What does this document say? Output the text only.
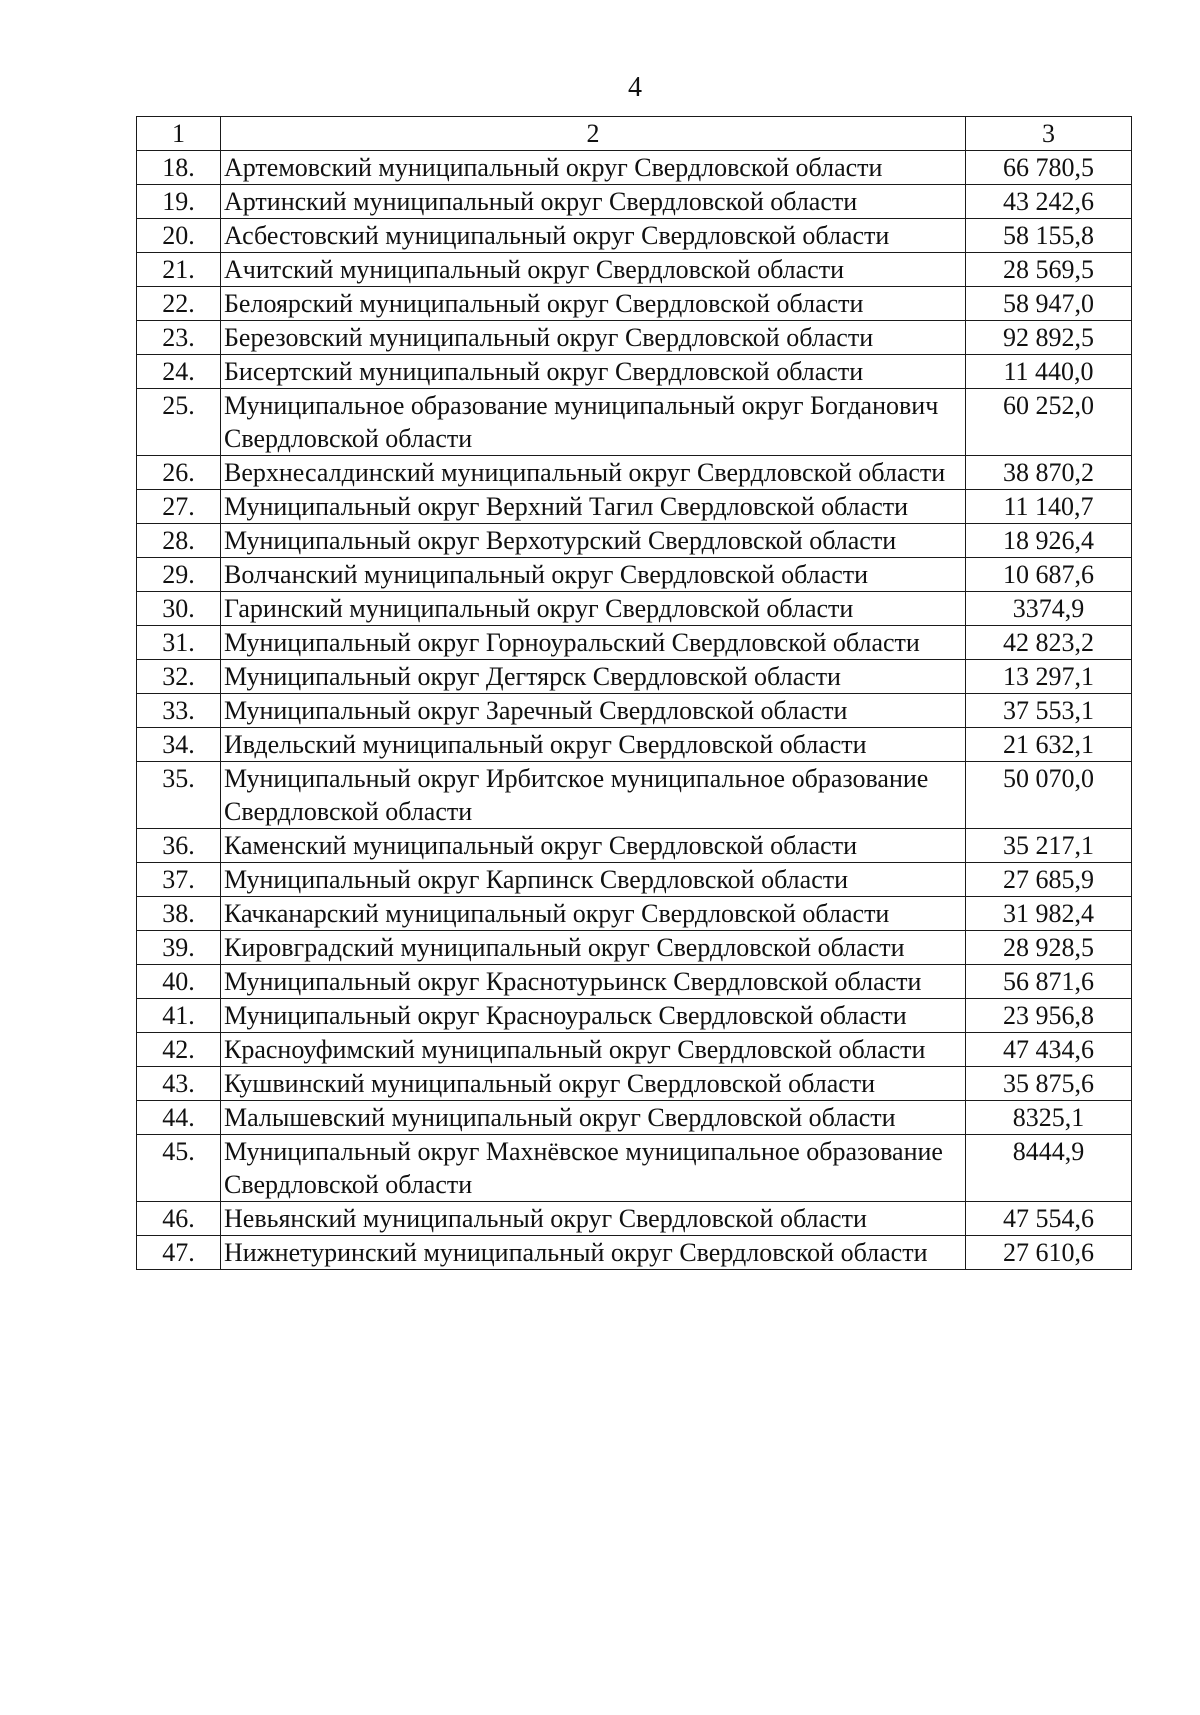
4
1	2	3
18.	Артемовский муниципальный округ Свердловской области	66 780,5
19.	Артинский муниципальный округ Свердловской области	43 242,6
20.	Асбестовский муниципальный округ Свердловской области	58 155,8
21.	Ачитский муниципальный округ Свердловской области	28 569,5
22.	Белоярский муниципальный округ Свердловской области	58 947,0
23.	Березовский муниципальный округ Свердловской области	92 892,5
24.	Бисертский муниципальный округ Свердловской области	11 440,0
25.	Муниципальное образование муниципальный округ Богданович Свердловской области	60 252,0
26.	Верхнесалдинский муниципальный округ Свердловской области	38 870,2
27.	Муниципальный округ Верхний Тагил Свердловской области	11 140,7
28.	Муниципальный округ Верхотурский Свердловской области	18 926,4
29.	Волчанский муниципальный округ Свердловской области	10 687,6
30.	Гаринский муниципальный округ Свердловской области	3374,9
31.	Муниципальный округ Горноуральский Свердловской области	42 823,2
32.	Муниципальный округ Дегтярск Свердловской области	13 297,1
33.	Муниципальный округ Заречный Свердловской области	37 553,1
34.	Ивдельский муниципальный округ Свердловской области	21 632,1
35.	Муниципальный округ Ирбитское муниципальное образование Свердловской области	50 070,0
36.	Каменский муниципальный округ Свердловской области	35 217,1
37.	Муниципальный округ Карпинск Свердловской области	27 685,9
38.	Качканарский муниципальный округ Свердловской области	31 982,4
39.	Кировградский муниципальный округ Свердловской области	28 928,5
40.	Муниципальный округ Краснотурьинск Свердловской области	56 871,6
41.	Муниципальный округ Красноуральск Свердловской области	23 956,8
42.	Красноуфимский муниципальный округ Свердловской области	47 434,6
43.	Кушвинский муниципальный округ Свердловской области	35 875,6
44.	Малышевский муниципальный округ Свердловской области	8325,1
45.	Муниципальный округ Махнёвское муниципальное образование Свердловской области	8444,9
46.	Невьянский муниципальный округ Свердловской области	47 554,6
47.	Нижнетуринский муниципальный округ Свердловской области	27 610,6
